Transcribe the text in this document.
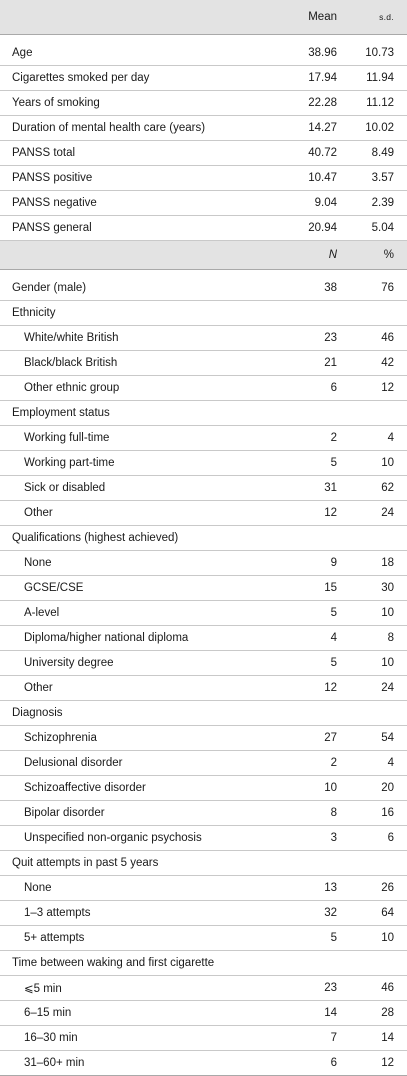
	Mean	s.d.
Age	38.96	10.73
Cigarettes smoked per day	17.94	11.94
Years of smoking	22.28	11.12
Duration of mental health care (years)	14.27	10.02
PANSS total	40.72	8.49
PANSS positive	10.47	3.57
PANSS negative	9.04	2.39
PANSS general	20.94	5.04
	N	%
Gender (male)	38	76
Ethnicity		
White/white British	23	46
Black/black British	21	42
Other ethnic group	6	12
Employment status		
Working full-time	2	4
Working part-time	5	10
Sick or disabled	31	62
Other	12	24
Qualifications (highest achieved)		
None	9	18
GCSE/CSE	15	30
A-level	5	10
Diploma/higher national diploma	4	8
University degree	5	10
Other	12	24
Diagnosis		
Schizophrenia	27	54
Delusional disorder	2	4
Schizoaffective disorder	10	20
Bipolar disorder	8	16
Unspecified non-organic psychosis	3	6
Quit attempts in past 5 years		
None	13	26
1–3 attempts	32	64
5+ attempts	5	10
Time between waking and first cigarette		
⩽5 min	23	46
6–15 min	14	28
16–30 min	7	14
31–60+ min	6	12
